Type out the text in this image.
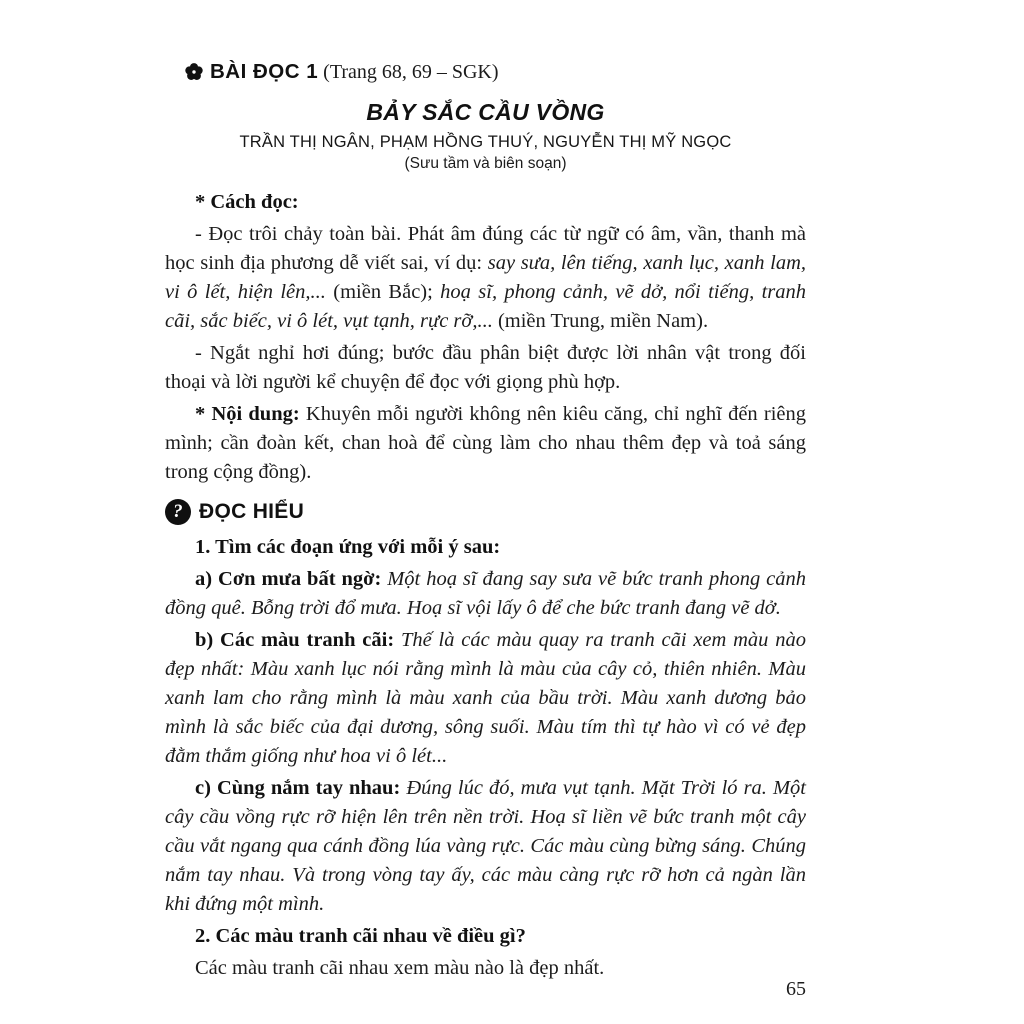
BÀI ĐỌC 1 (Trang 68, 69 – SGK)
BẢY SẮC CẦU VỒNG
TRẦN THỊ NGÂN, PHẠM HỒNG THUÝ, NGUYỄN THỊ MỸ NGỌC
(Sưu tầm và biên soạn)

* Cách đọc:

- Đọc trôi chảy toàn bài. Phát âm đúng các từ ngữ có âm, vần, thanh mà học sinh địa phương dễ viết sai, ví dụ: say sưa, lên tiếng, xanh lục, xanh lam, vi ô lết, hiện lên,... (miền Bắc); hoạ sĩ, phong cảnh, vẽ dở, nổi tiếng, tranh cãi, sắc biếc, vi ô lét, vụt tạnh, rực rỡ,... (miền Trung, miền Nam).

- Ngắt nghỉ hơi đúng; bước đầu phân biệt được lời nhân vật trong đối thoại và lời người kể chuyện để đọc với giọng phù hợp.

* Nội dung: Khuyên mỗi người không nên kiêu căng, chỉ nghĩ đến riêng mình; cần đoàn kết, chan hoà để cùng làm cho nhau thêm đẹp và toả sáng trong cộng đồng).

? ĐỌC HIỂU

1. Tìm các đoạn ứng với mỗi ý sau:

a) Cơn mưa bất ngờ: Một hoạ sĩ đang say sưa vẽ bức tranh phong cảnh đồng quê. Bỗng trời đổ mưa. Hoạ sĩ vội lấy ô để che bức tranh đang vẽ dở.

b) Các màu tranh cãi: Thế là các màu quay ra tranh cãi xem màu nào đẹp nhất: Màu xanh lục nói rằng mình là màu của cây cỏ, thiên nhiên. Màu xanh lam cho rằng mình là màu xanh của bầu trời. Màu xanh dương bảo mình là sắc biếc của đại dương, sông suối. Màu tím thì tự hào vì có vẻ đẹp đằm thắm giống như hoa vi ô lét...

c) Cùng nắm tay nhau: Đúng lúc đó, mưa vụt tạnh. Mặt Trời ló ra. Một cây cầu vồng rực rỡ hiện lên trên nền trời. Hoạ sĩ liền vẽ bức tranh một cây cầu vắt ngang qua cánh đồng lúa vàng rực. Các màu cùng bừng sáng. Chúng nắm tay nhau. Và trong vòng tay ấy, các màu càng rực rỡ hơn cả ngàn lần khi đứng một mình.

2. Các màu tranh cãi nhau về điều gì?

Các màu tranh cãi nhau xem màu nào là đẹp nhất.

65
